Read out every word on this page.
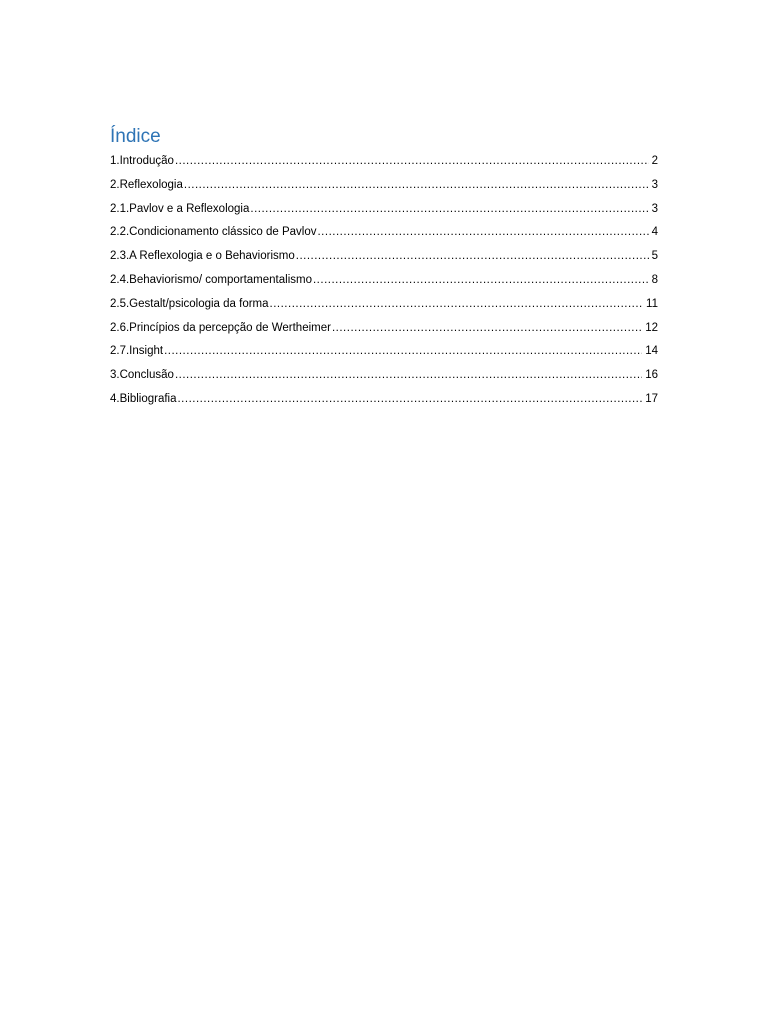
Índice
1.Introdução .....	2
2.Reflexologia .....	3
2.1.Pavlov e a Reflexologia .....	3
2.2.Condicionamento clássico de Pavlov .....	4
2.3.A Reflexologia e o Behaviorismo .....	5
2.4.Behaviorismo/ comportamentalismo .....	8
2.5.Gestalt/psicologia da forma .....	11
2.6.Princípios da percepção de Wertheimer .....	12
2.7.Insight .....	14
3.Conclusão .....	16
4.Bibliografia .....	17
